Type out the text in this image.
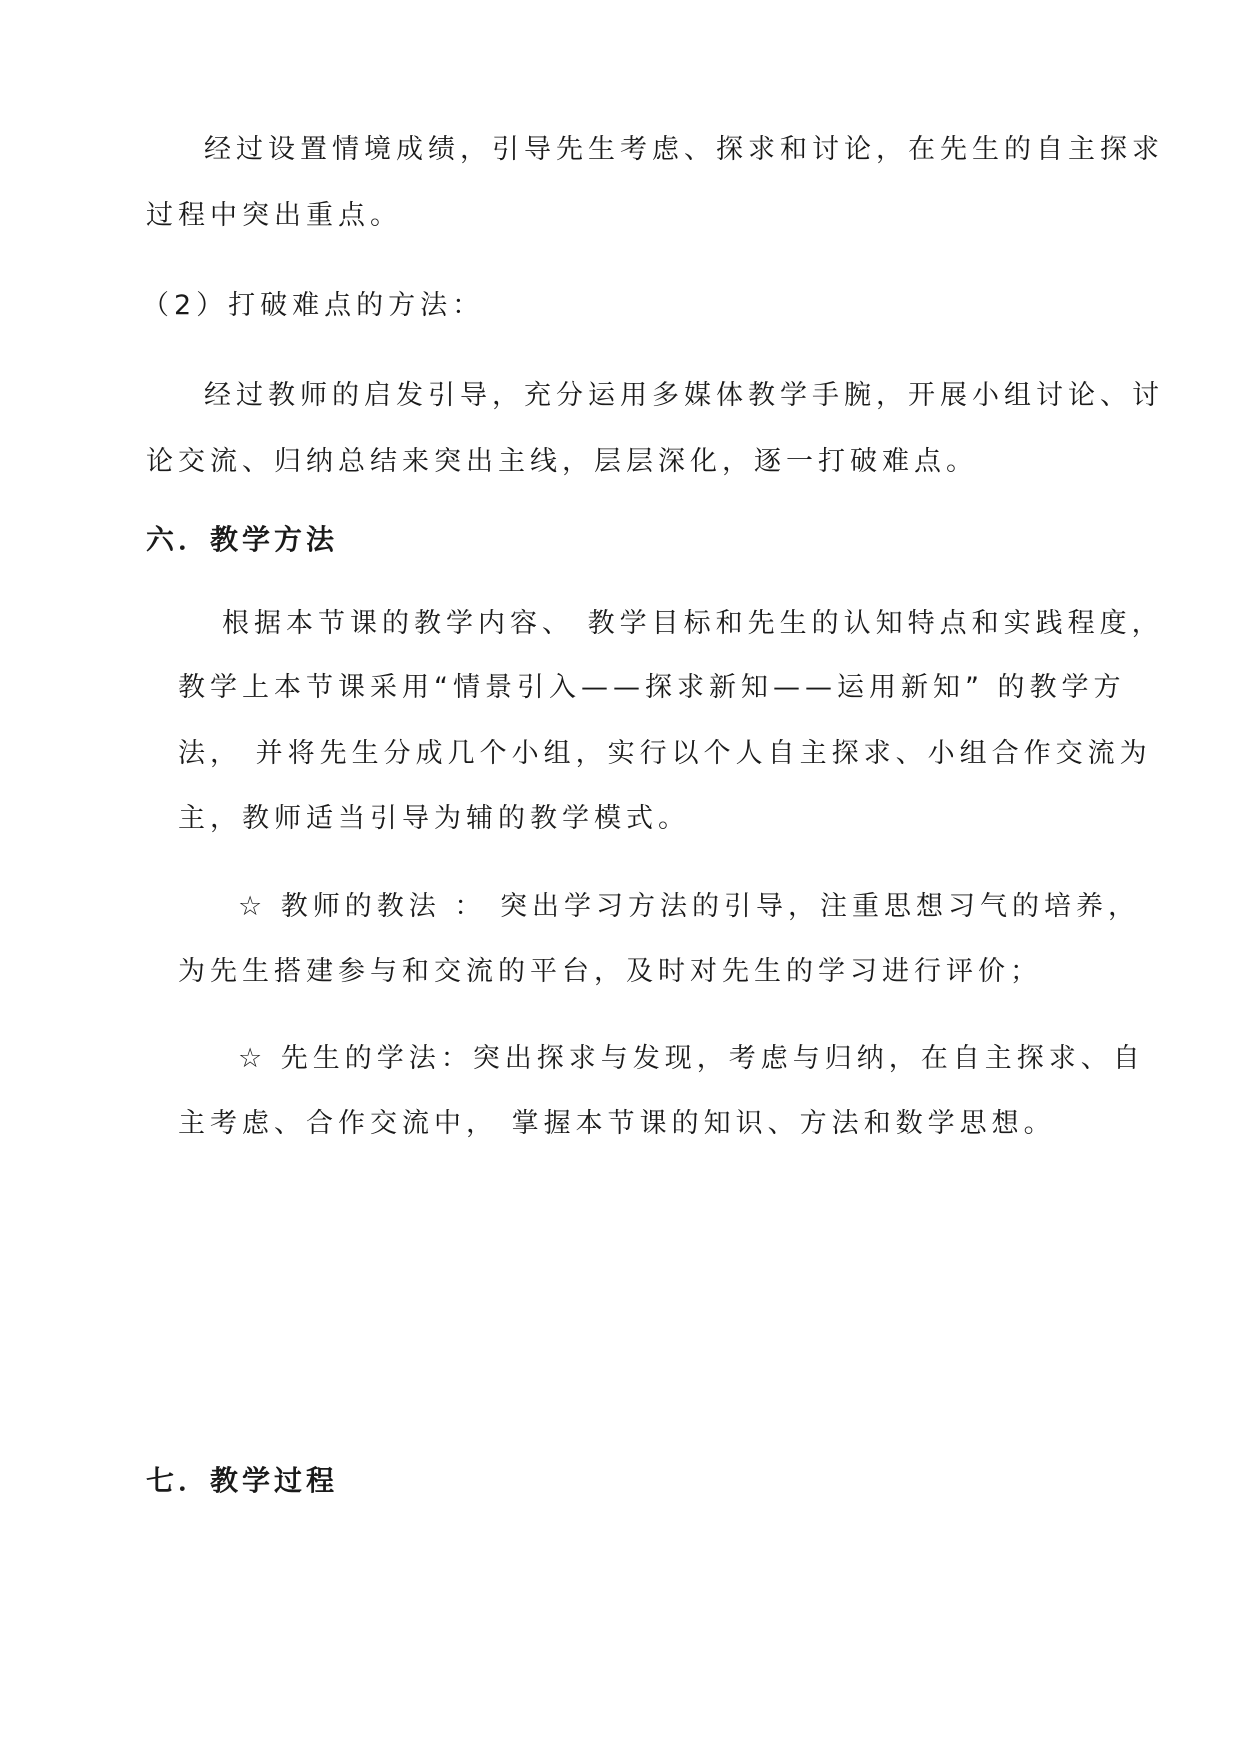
经过设置情境成绩，引导先生考虑、探求和讨论，在先生的自主探求

过程中突出重点。

（2）打破难点的方法：

经过教师的启发引导，充分运用多媒体教学手腕，开展小组讨论、讨

论交流、归纳总结来突出主线，层层深化，逐一打破难点。

六．教学方法

根据本节课的教学内容、 教学目标和先生的认知特点和实践程度，

教学上本节课采用“情景引入——探求新知——运用新知” 的教学方

法， 并将先生分成几个小组，实行以个人自主探求、小组合作交流为

主，教师适当引导为辅的教学模式。

☆ 教师的教法 ： 突出学习方法的引导，注重思想习气的培养，

为先生搭建参与和交流的平台，及时对先生的学习进行评价；

☆ 先生的学法：突出探求与发现，考虑与归纳，在自主探求、自

主考虑、合作交流中， 掌握本节课的知识、方法和数学思想。

七．教学过程
